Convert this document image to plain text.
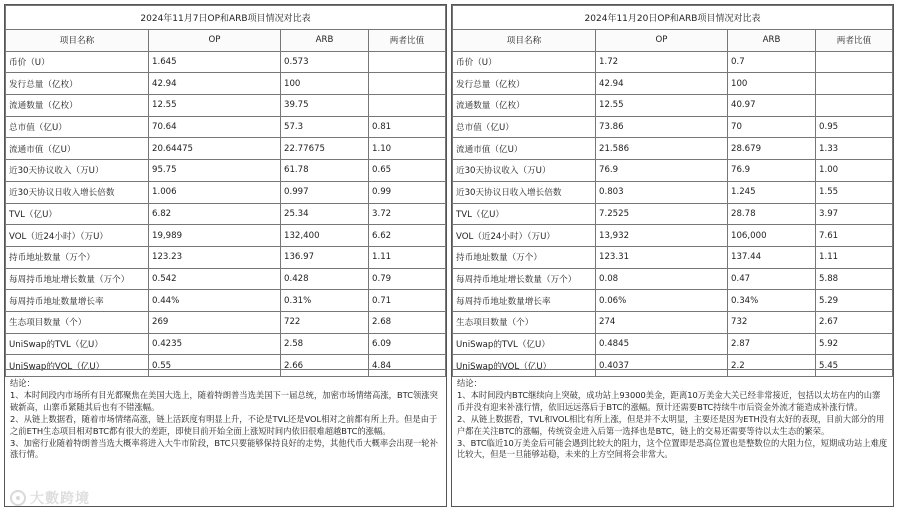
2024年11月7日OP和ARB项目情况对比表			
项目名称	OP	ARB	两者比值
币价（U）	1.645	0.573	
发行总量（亿枚）	42.94	100	
流通数量（亿枚）	12.55	39.75	
总市值（亿U）	70.64	57.3	0.81
流通市值（亿U）	20.64475	22.77675	1.10
近30天协议收入（万U）	95.75	61.78	0.65
近30天协议日收入增长倍数	1.006	0.997	0.99
TVL（亿U）	6.82	25.34	3.72
VOL（近24小时）（万U）	19,989	132,400	6.62
持币地址数量（万个）	123.23	136.97	1.11
每周持币地址增长数量（万个）	0.542	0.428	0.79
每周持币地址数量增长率	0.44%	0.31%	0.71
生态项目数量（个）	269	722	2.68
UniSwap的TVL（亿U）	0.4235	2.58	6.09
UniSwap的VOL（亿U）	0.55	2.66	4.84

结论：

1、本时间段内市场所有目光都聚焦在美国大选上，随着特朗普当选美国下一届总统，加密市场情绪高涨，BTC领涨突破新高，山寨币紧随其后也有不错涨幅。

2、从链上数据看，随着市场情绪高涨，链上活跃度有明显上升，不论是TVL还是VOL相对之前都有所上升。但是由于之前ETH生态项目相对BTC都有很大的差距，即使目前开始全面上涨短时间内依旧很难超越BTC的涨幅。

3、加密行业随着特朗普当选大概率将进入大牛市阶段，BTC只要能够保持良好的走势，其他代币大概率会出现一轮补涨行情。

2024年11月20日OP和ARB项目情况对比表			
项目名称	OP	ARB	两者比值
币价（U）	1.72	0.7	
发行总量（亿枚）	42.94	100	
流通数量（亿枚）	12.55	40.97	
总市值（亿U）	73.86	70	0.95
流通市值（亿U）	21.586	28.679	1.33
近30天协议收入（万U）	76.9	76.9	1.00
近30天协议日收入增长倍数	0.803	1.245	1.55
TVL（亿U）	7.2525	28.78	3.97
VOL（近24小时）（万U）	13,932	106,000	7.61
持币地址数量（万个）	123.31	137.44	1.11
每周持币地址增长数量（万个）	0.08	0.47	5.88
每周持币地址数量增长率	0.06%	0.34%	5.29
生态项目数量（个）	274	732	2.67
UniSwap的TVL（亿U）	0.4845	2.87	5.92
UniSwap的VOL（亿U）	0.4037	2.2	5.45

结论：

1、本时间段内BTC继续向上突破，成功站上93000美金，距离10万美金大关已经非常接近，包括以太坊在内的山寨币并没有迎来补涨行情，依旧远远落后于BTC的涨幅。预计还需要BTC持续牛市后资金外流才能造成补涨行情。

2、从链上数据看，TVL和VOL相比有所上涨，但是并不太明显，主要还是因为ETH没有太好的表现，目前大部分的用户都在关注BTC的涨幅，传统资金进入后第一选择也是BTC，链上的交易还需要等待以太生态的繁荣。

3、BTC临近10万美金后可能会遇到比较大的阻力，这个位置即是恐高位置也是整数位的大阻力位，短期成功站上难度比较大，但是一旦能够站稳，未来的上方空间将会非常大。

大數跨境
